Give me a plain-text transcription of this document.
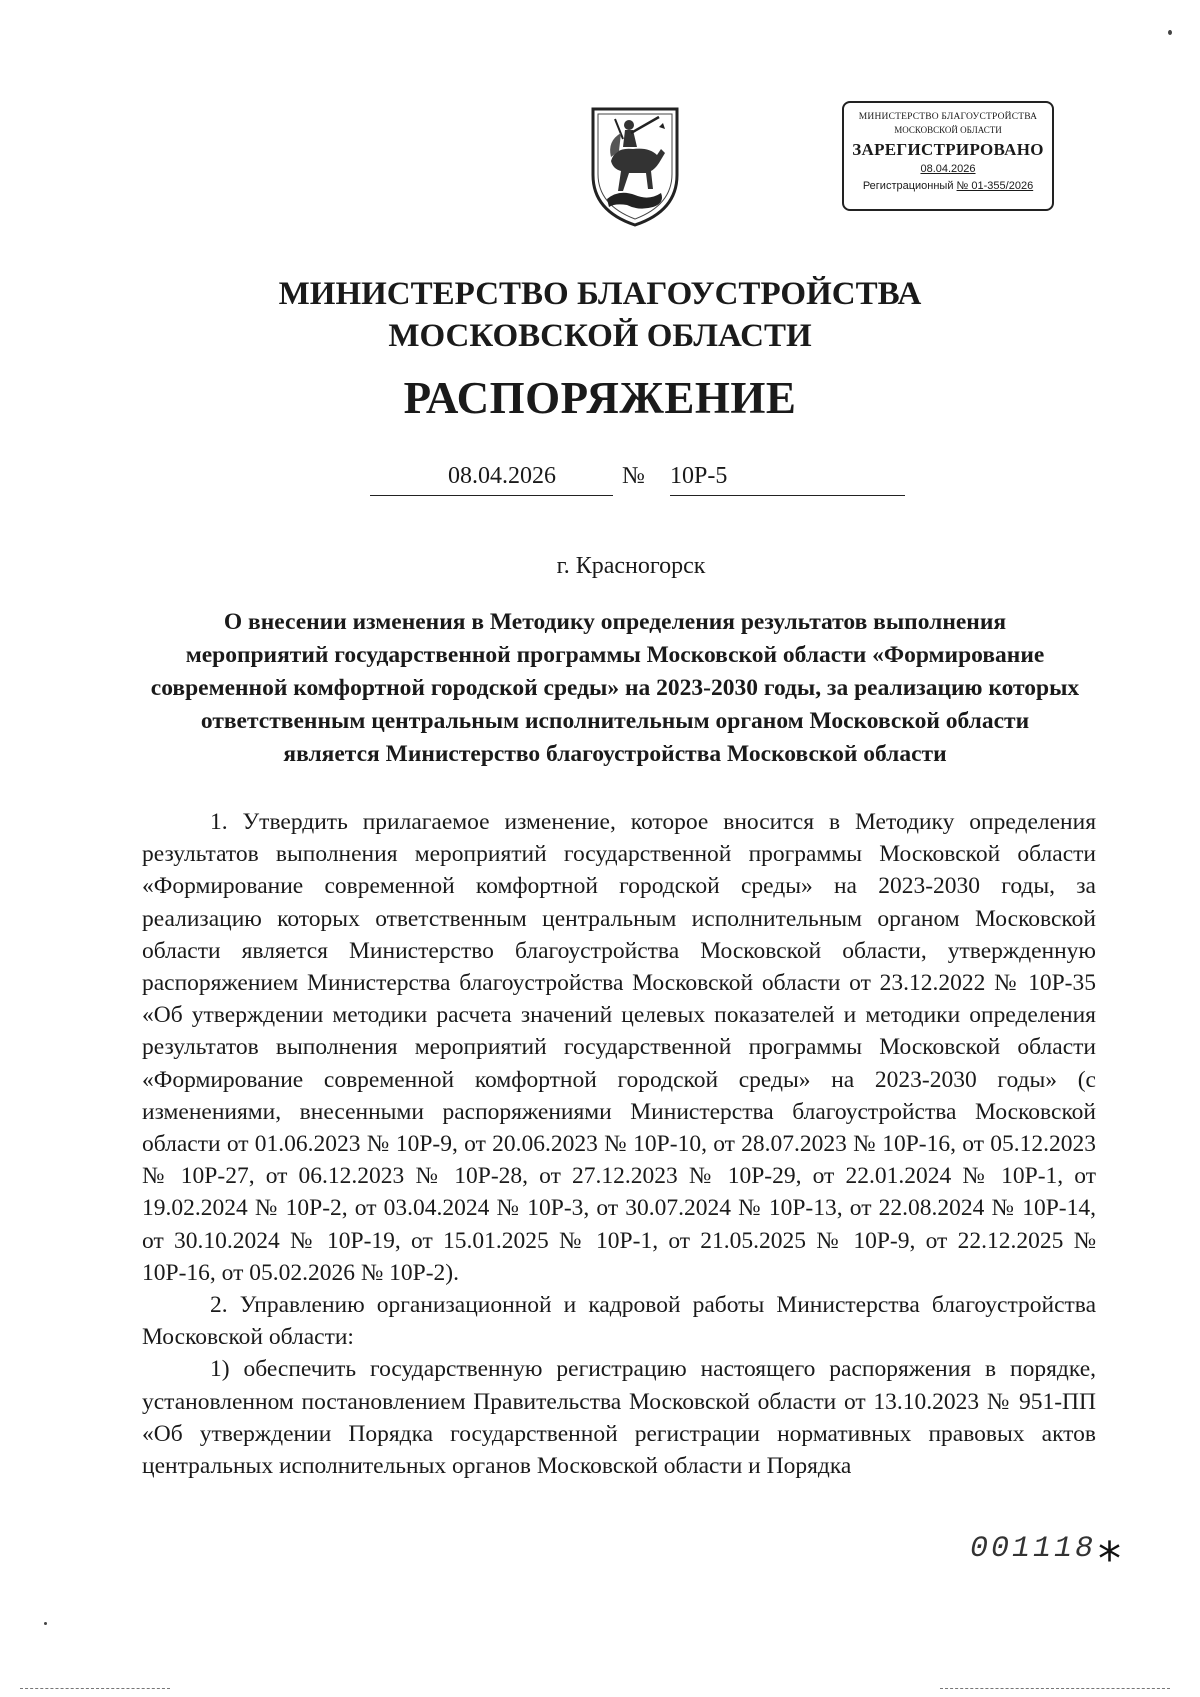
МИНИСТЕРСТВО БЛАГОУСТРОЙСТВА
МОСКОВСКОЙ ОБЛАСТИ
ЗАРЕГИСТРИРОВАНО
08.04.2026
Регистрационный № 01-355/2026
МИНИСТЕРСТВО БЛАГОУСТРОЙСТВА
МОСКОВСКОЙ ОБЛАСТИ
РАСПОРЯЖЕНИЕ
08.04.2026	№ 10Р-5
г. Красногорск
О внесении изменения в Методику определения результатов выполнения мероприятий государственной программы Московской области «Формирование современной комфортной городской среды» на 2023-2030 годы, за реализацию которых ответственным центральным исполнительным органом Московской области является Министерство благоустройства Московской области

1. Утвердить прилагаемое изменение, которое вносится в Методику определения результатов выполнения мероприятий государственной программы Московской области «Формирование современной комфортной городской среды» на 2023-2030 годы, за реализацию которых ответственным центральным исполнительным органом Московской области является Министерство благоустройства Московской области, утвержденную распоряжением Министерства благоустройства Московской области от 23.12.2022 № 10Р-35 «Об утверждении методики расчета значений целевых показателей и методики определения результатов выполнения мероприятий государственной программы Московской области «Формирование современной комфортной городской среды» на 2023-2030 годы» (с изменениями, внесенными распоряжениями Министерства благоустройства Московской области от 01.06.2023 № 10Р-9, от 20.06.2023 № 10Р-10, от 28.07.2023 № 10Р-16, от 05.12.2023 № 10Р-27, от 06.12.2023 № 10Р-28, от 27.12.2023 № 10Р-29, от 22.01.2024 № 10Р-1, от 19.02.2024 № 10Р-2, от 03.04.2024 № 10Р-3, от 30.07.2024 № 10Р-13, от 22.08.2024 № 10Р-14, от 30.10.2024 № 10Р-19, от 15.01.2025 № 10Р-1, от 21.05.2025 № 10Р-9, от 22.12.2025 № 10Р-16, от 05.02.2026 № 10Р-2).

2. Управлению организационной и кадровой работы Министерства благоустройства Московской области:

1) обеспечить государственную регистрацию настоящего распоряжения в порядке, установленном постановлением Правительства Московской области от 13.10.2023 № 951-ПП «Об утверждении Порядка государственной регистрации нормативных правовых актов центральных исполнительных органов Московской области и Порядка

001118 *
